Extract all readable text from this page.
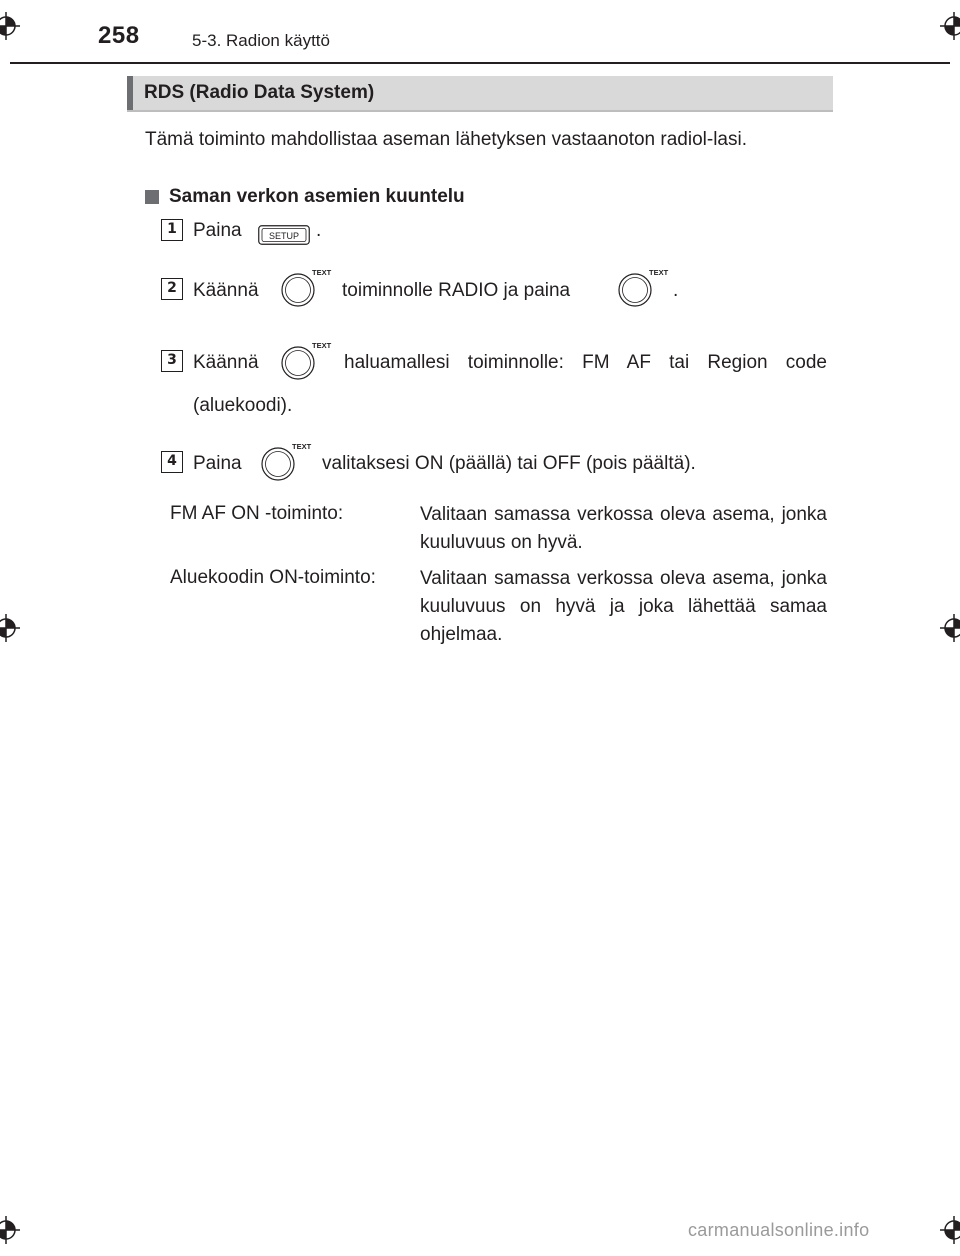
258	5-3. Radion käyttö
RDS (Radio Data System)
Tämä toiminto mahdollistaa aseman lähetyksen vastaanoton radiol-lasi.
Saman verkon asemien kuuntelu
1 Paina	SETUP .
2 Käännä
TEXT
toiminnolle RADIO ja paina
TEXT
.
3 Käännä
TEXT
haluamallesi toiminnolle: FM AF tai Region code
(aluekoodi).
4 Paina
TEXT
valitaksesi ON (päällä) tai OFF (pois päältä).
FM AF ON -toiminto:	Valitaan samassa verkossa oleva asema, jonka kuuluvuus on hyvä.
Aluekoodin ON-toiminto: Valitaan samassa verkossa oleva asema, jonka kuuluvuus on hyvä ja joka lähettää samaa ohjelmaa.
carmanualsonline.info
